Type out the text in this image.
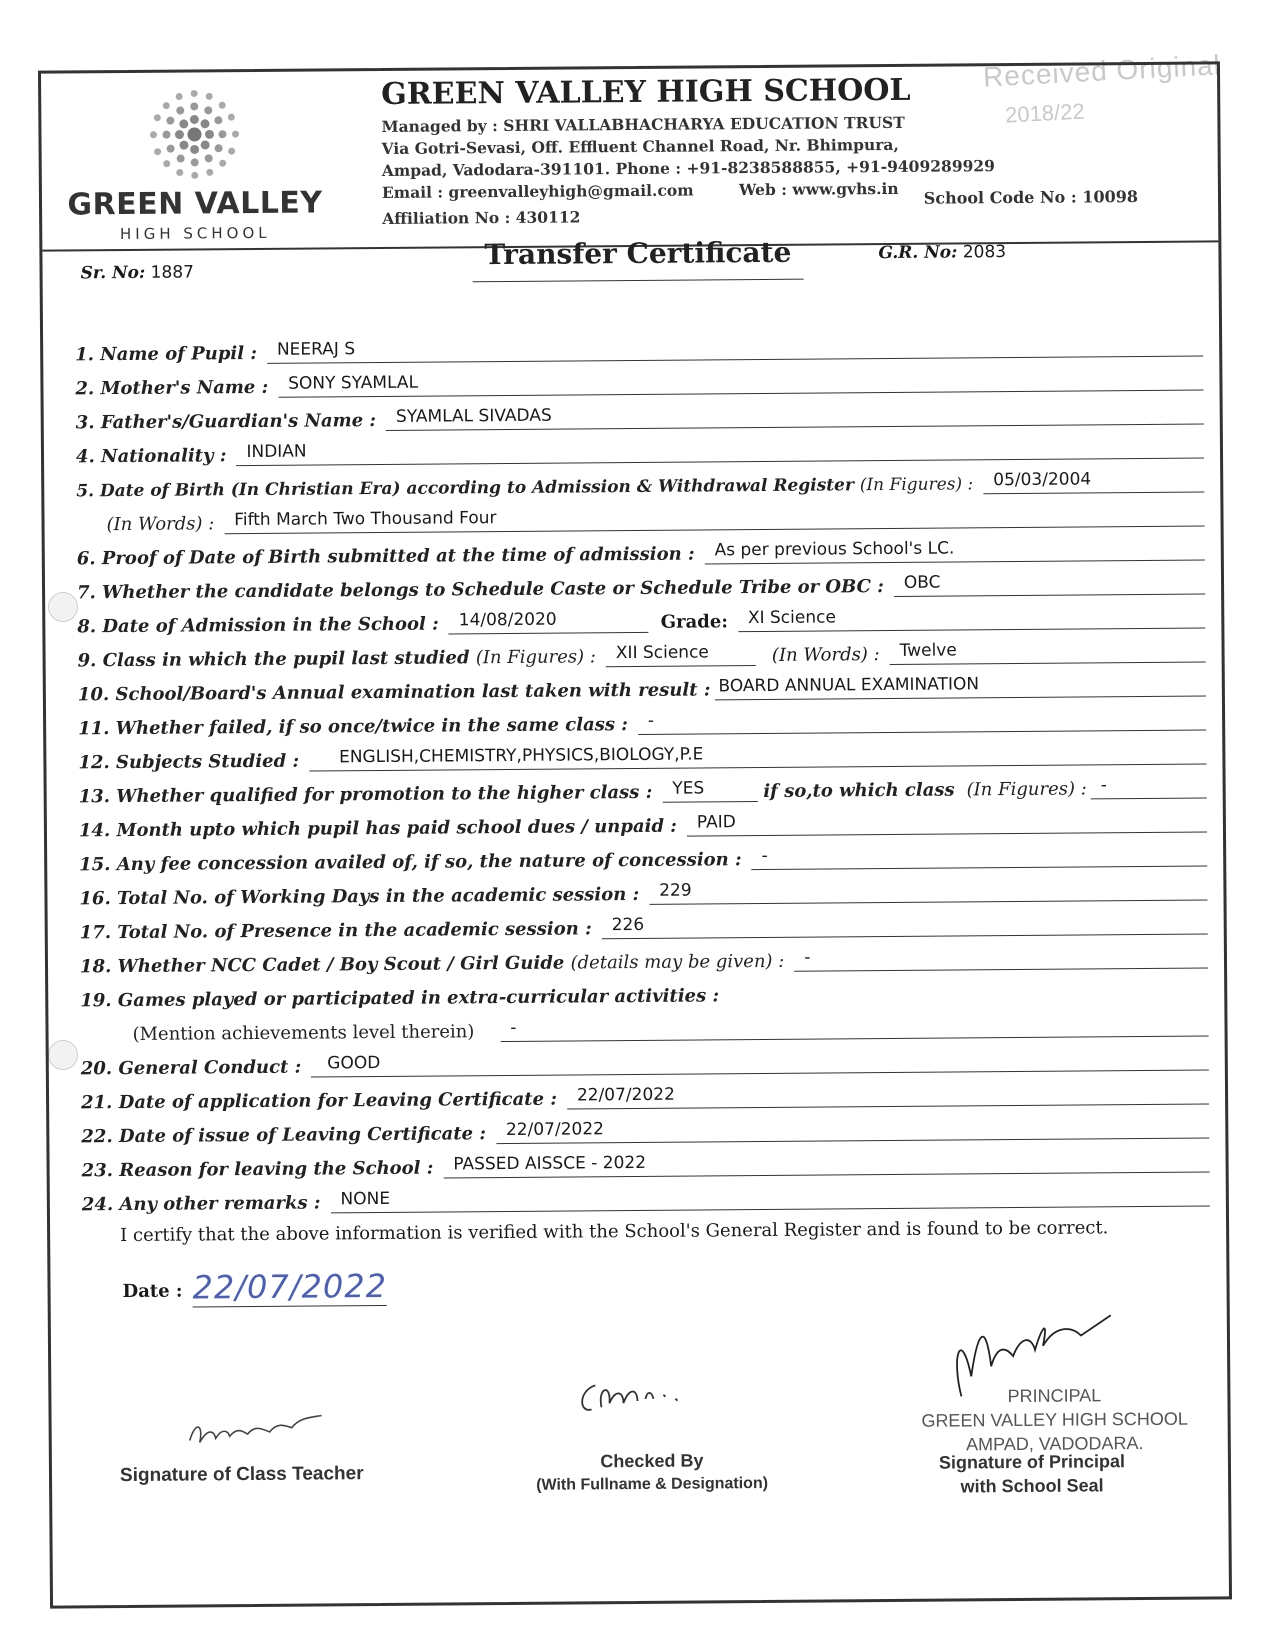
Received Original
2018/22
GREEN VALLEY
HIGH SCHOOL
GREEN VALLEY HIGH SCHOOL
Managed by : SHRI VALLABHACHARYA EDUCATION TRUST
Via Gotri-Sevasi, Off. Effluent Channel Road, Nr. Bhimpura,
Ampad, Vadodara-391101. Phone : +91-8238588855, +91-9409289929
Email : greenvalleyhigh@gmail.com	Web : www.gvhs.in
Affiliation No : 430112
School Code No : 10098
Sr. No: 1887
Transfer Certificate	G.R. No: 2083
1. Name of Pupil :	NEERAJ S
2. Mother's Name :	SONY SYAMLAL
3. Father's/Guardian's Name :	SYAMLAL SIVADAS
4. Nationality :	INDIAN
5. Date of Birth (In Christian Era) according to Admission & Withdrawal Register (In Figures) :	05/03/2004
(In Words) :	Fifth March Two Thousand Four
6. Proof of Date of Birth submitted at the time of admission :	As per previous School's LC.
7. Whether the candidate belongs to Schedule Caste or Schedule Tribe or OBC :	OBC
8. Date of Admission in the School :	14/08/2020	Grade:	XI Science
9. Class in which the pupil last studied (In Figures) :	XII Science	(In Words) :	Twelve
10. School/Board's Annual examination last taken with result : BOARD ANNUAL EXAMINATION
11. Whether failed, if so once/twice in the same class :	-
12. Subjects Studied :	ENGLISH,CHEMISTRY,PHYSICS,BIOLOGY,P.E
13. Whether qualified for promotion to the higher class :	YES	if so,to which class (In Figures) : -
14. Month upto which pupil has paid school dues / unpaid :	PAID
15. Any fee concession availed of, if so, the nature of concession :	-
16. Total No. of Working Days in the academic session :	229
17. Total No. of Presence in the academic session :	226
18. Whether NCC Cadet / Boy Scout / Girl Guide (details may be given) :	-
19. Games played or participated in extra-curricular activities :
(Mention achievements level therein)	-
20. General Conduct :	GOOD
21. Date of application for Leaving Certificate :	22/07/2022
22. Date of issue of Leaving Certificate :	22/07/2022
23. Reason for leaving the School :	PASSED AISSCE - 2022
24. Any other remarks :	NONE
I certify that the above information is verified with the School's General Register and is found to be correct.
Date : 22/07/2022
Signature of Class Teacher
Checked By
(With Fullname & Designation)
PRINCIPAL
GREEN VALLEY HIGH SCHOOL
AMPAD, VADODARA.
Signature of Principal
with School Seal
